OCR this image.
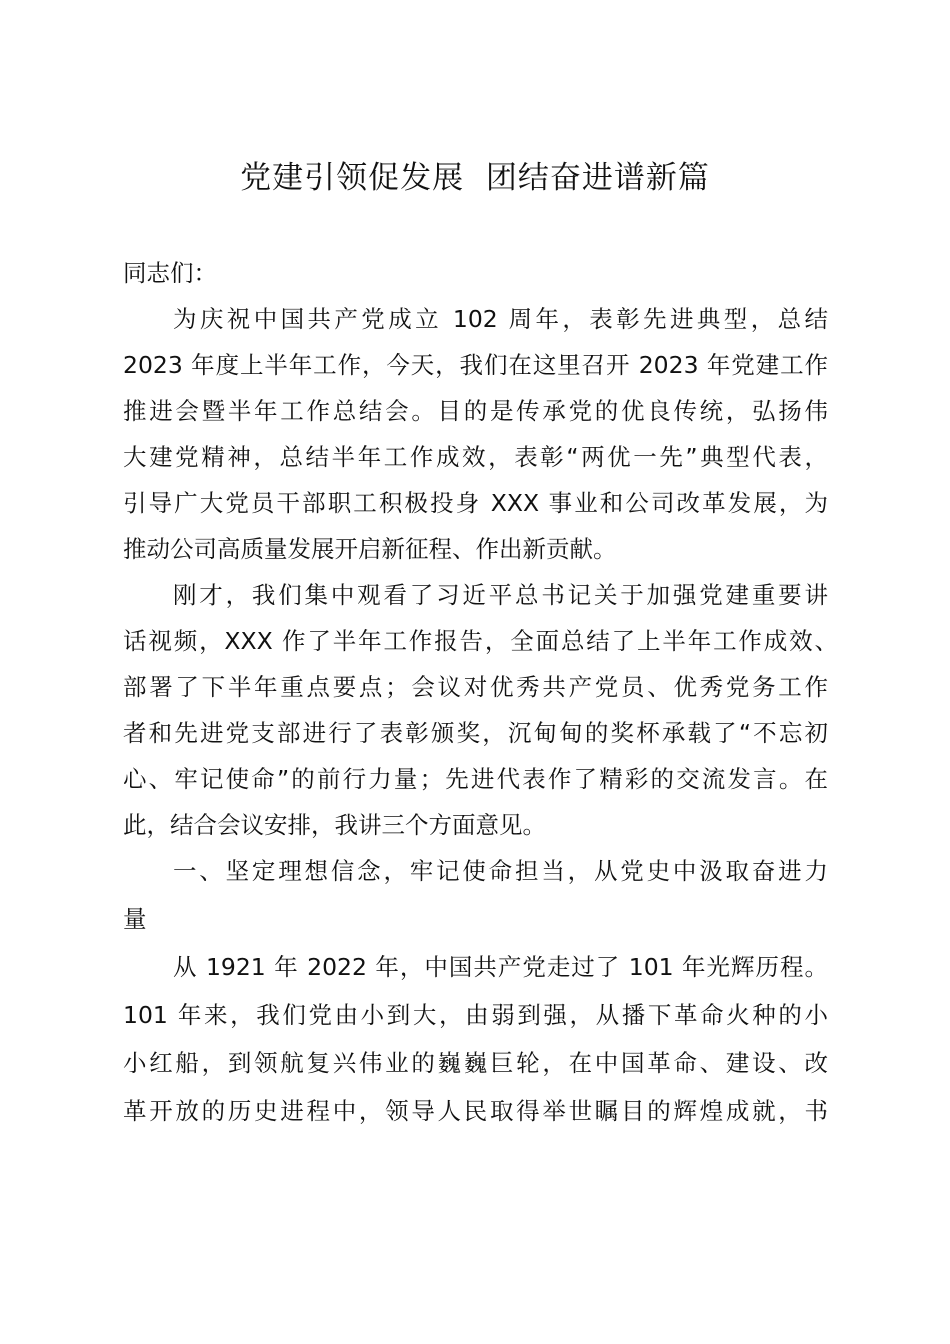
党建引领促发展  团结奋进谱新篇

同志们：

为庆祝中国共产党成立 102 周年，表彰先进典型，总结

2023 年度上半年工作，今天，我们在这里召开 2023 年党建工作

推进会暨半年工作总结会。目的是传承党的优良传统，弘扬伟

大建党精神，总结半年工作成效，表彰“两优一先”典型代表，

引导广大党员干部职工积极投身 XXX 事业和公司改革发展，为

推动公司高质量发展开启新征程、作出新贡献。

刚才，我们集中观看了习近平总书记关于加强党建重要讲

话视频，XXX 作了半年工作报告，全面总结了上半年工作成效、

部署了下半年重点要点；会议对优秀共产党员、优秀党务工作

者和先进党支部进行了表彰颁奖，沉甸甸的奖杯承载了“不忘初

心、牢记使命”的前行力量；先进代表作了精彩的交流发言。在

此，结合会议安排，我讲三个方面意见。

一、坚定理想信念，牢记使命担当，从党史中汲取奋进力

量

从 1921 年 2022 年，中国共产党走过了 101 年光辉历程。

101 年来，我们党由小到大，由弱到强，从播下革命火种的小

小红船，到领航复兴伟业的巍巍巨轮，在中国革命、建设、改

革开放的历史进程中，领导人民取得举世瞩目的辉煌成就，书
